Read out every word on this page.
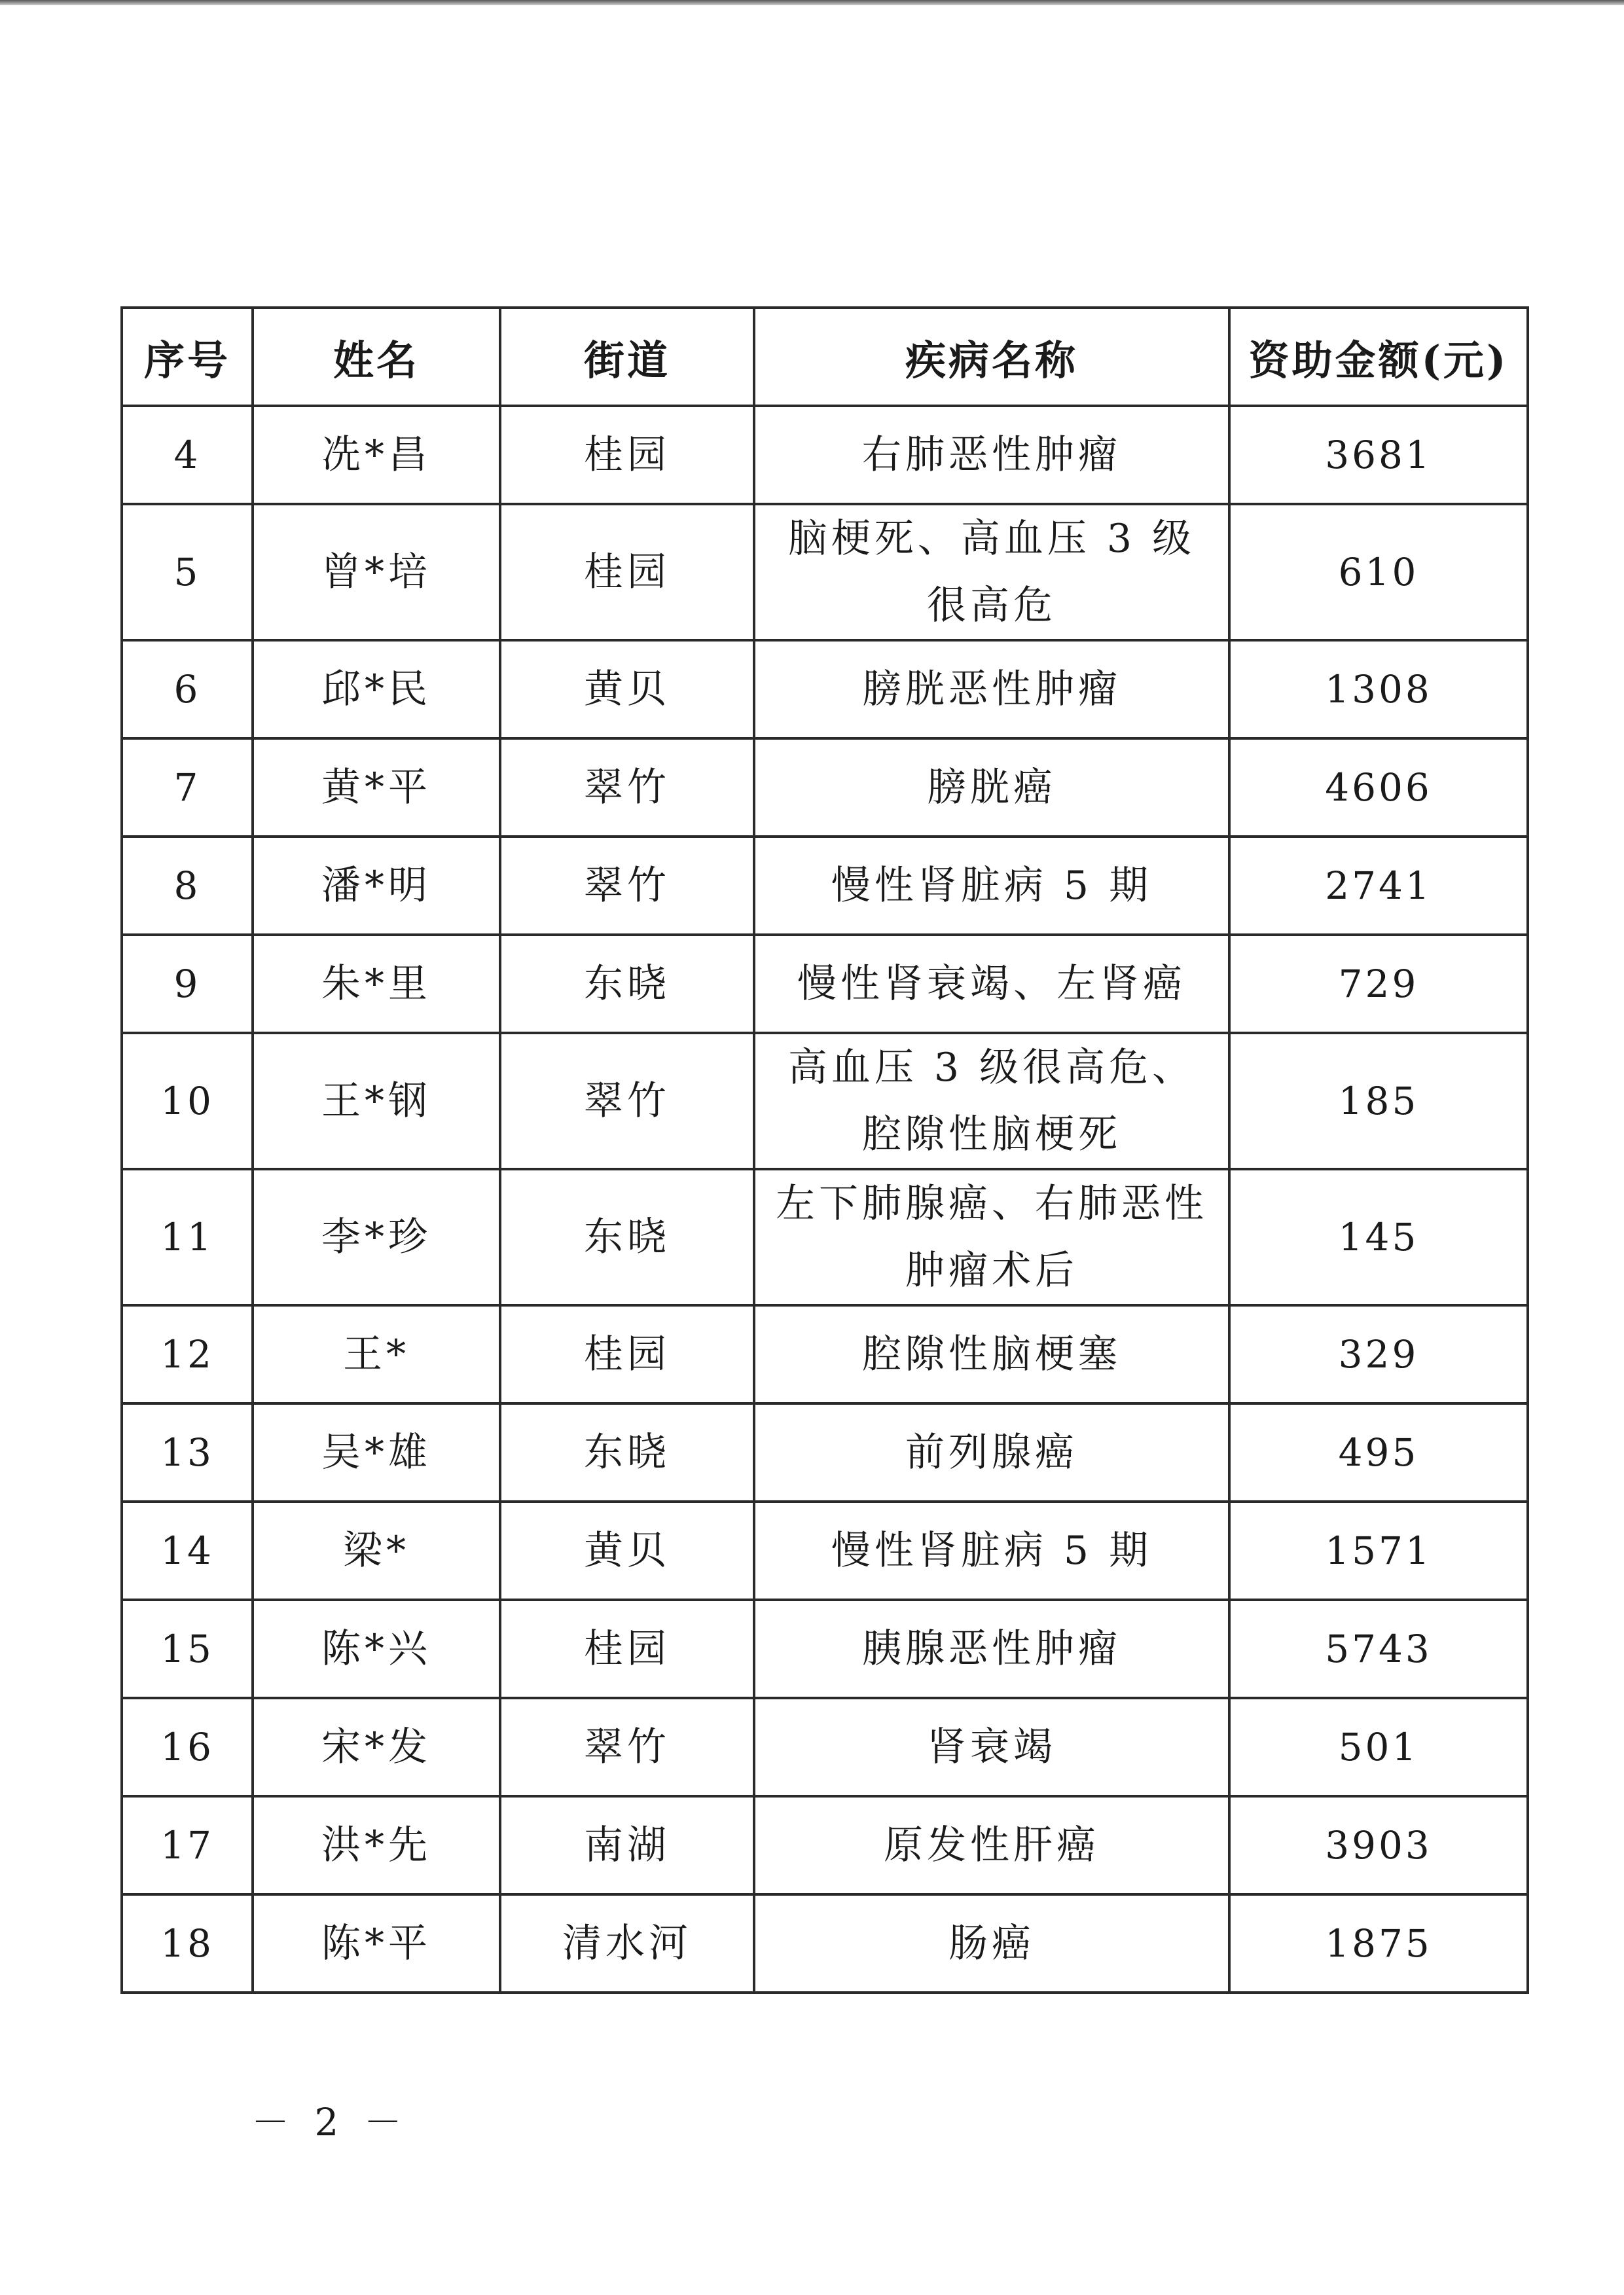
序号	姓名	街道	疾病名称	资助金额(元)
4	冼*昌	桂园	右肺恶性肿瘤	3681
5	曾*培	桂园	脑梗死、高血压 3 级很高危	610
6	邱*民	黄贝	膀胱恶性肿瘤	1308
7	黄*平	翠竹	膀胱癌	4606
8	潘*明	翠竹	慢性肾脏病 5 期	2741
9	朱*里	东晓	慢性肾衰竭、左肾癌	729
10	王*钢	翠竹	高血压 3 级很高危、腔隙性脑梗死	185
11	李*珍	东晓	左下肺腺癌、右肺恶性肿瘤术后	145
12	王*	桂园	腔隙性脑梗塞	329
13	吴*雄	东晓	前列腺癌	495
14	梁*	黄贝	慢性肾脏病 5 期	1571
15	陈*兴	桂园	胰腺恶性肿瘤	5743
16	宋*发	翠竹	肾衰竭	501
17	洪*先	南湖	原发性肝癌	3903
18	陈*平	清水河	肠癌	1875
－ 2 －
